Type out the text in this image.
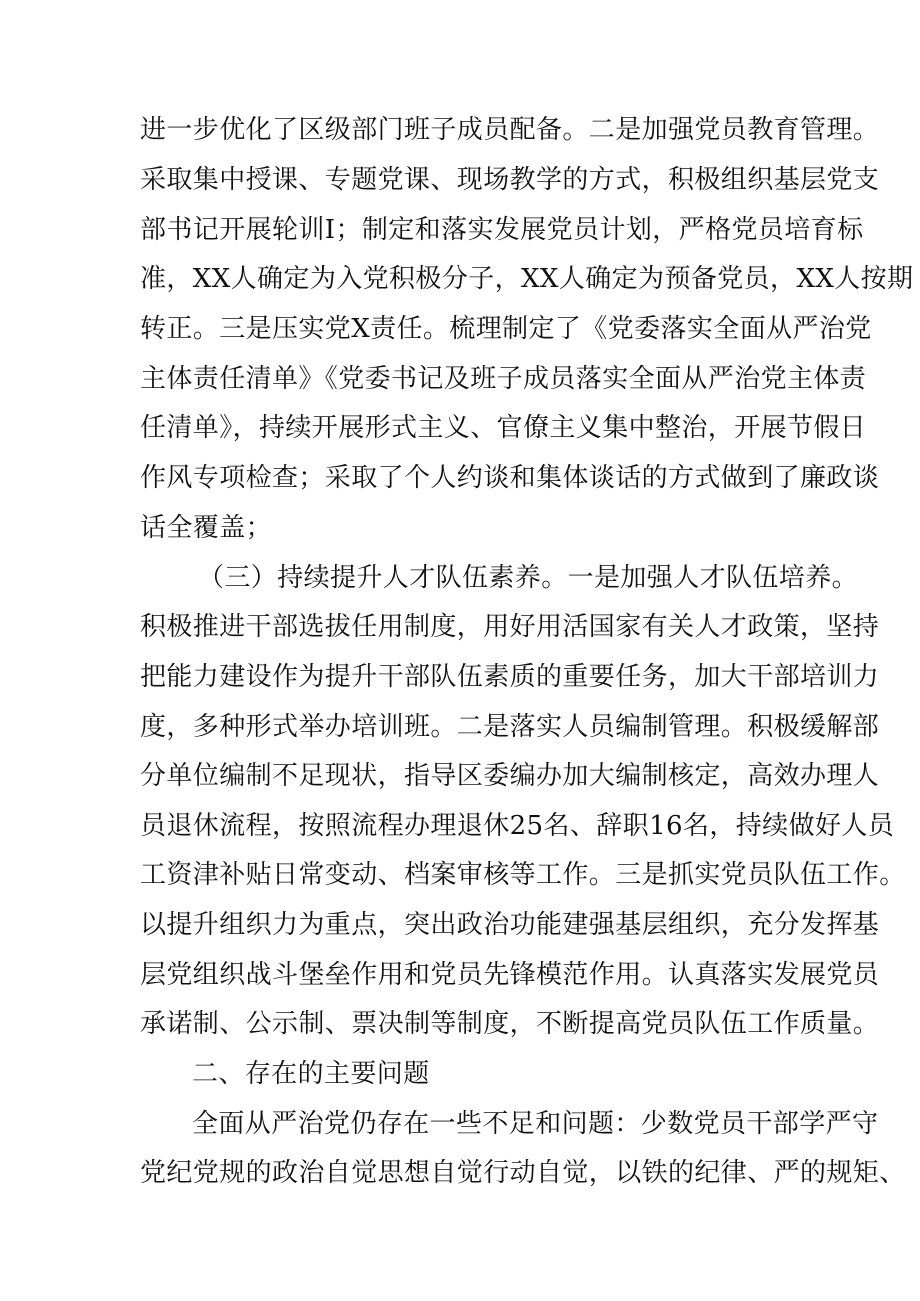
进一步优化了区级部门班子成员配备。二是加强党员教育管理。

采取集中授课、专题党课、现场教学的方式，积极组织基层党支

部书记开展轮训I；制定和落实发展党员计划，严格党员培育标

准，XX人确定为入党积极分子，XX人确定为预备党员，XX人按期

转正。三是压实党X责任。梳理制定了《党委落实全面从严治党

主体责任清单》《党委书记及班子成员落实全面从严治党主体责

任清单》，持续开展形式主义、官僚主义集中整治，开展节假日

作风专项检查；采取了个人约谈和集体谈话的方式做到了廉政谈

话全覆盖；

（三）持续提升人才队伍素养。一是加强人才队伍培养。

积极推进干部选拔任用制度，用好用活国家有关人才政策，坚持

把能力建设作为提升干部队伍素质的重要任务，加大干部培训力

度，多种形式举办培训班。二是落实人员编制管理。积极缓解部

分单位编制不足现状，指导区委编办加大编制核定，高效办理人

员退休流程，按照流程办理退休25名、辞职16名，持续做好人员

工资津补贴日常变动、档案审核等工作。三是抓实党员队伍工作。

以提升组织力为重点，突出政治功能建强基层组织，充分发挥基

层党组织战斗堡垒作用和党员先锋模范作用。认真落实发展党员

承诺制、公示制、票决制等制度，不断提高党员队伍工作质量。

二、存在的主要问题

全面从严治党仍存在一些不足和问题：少数党员干部学严守

党纪党规的政治自觉思想自觉行动自觉，以铁的纪律、严的规矩、
